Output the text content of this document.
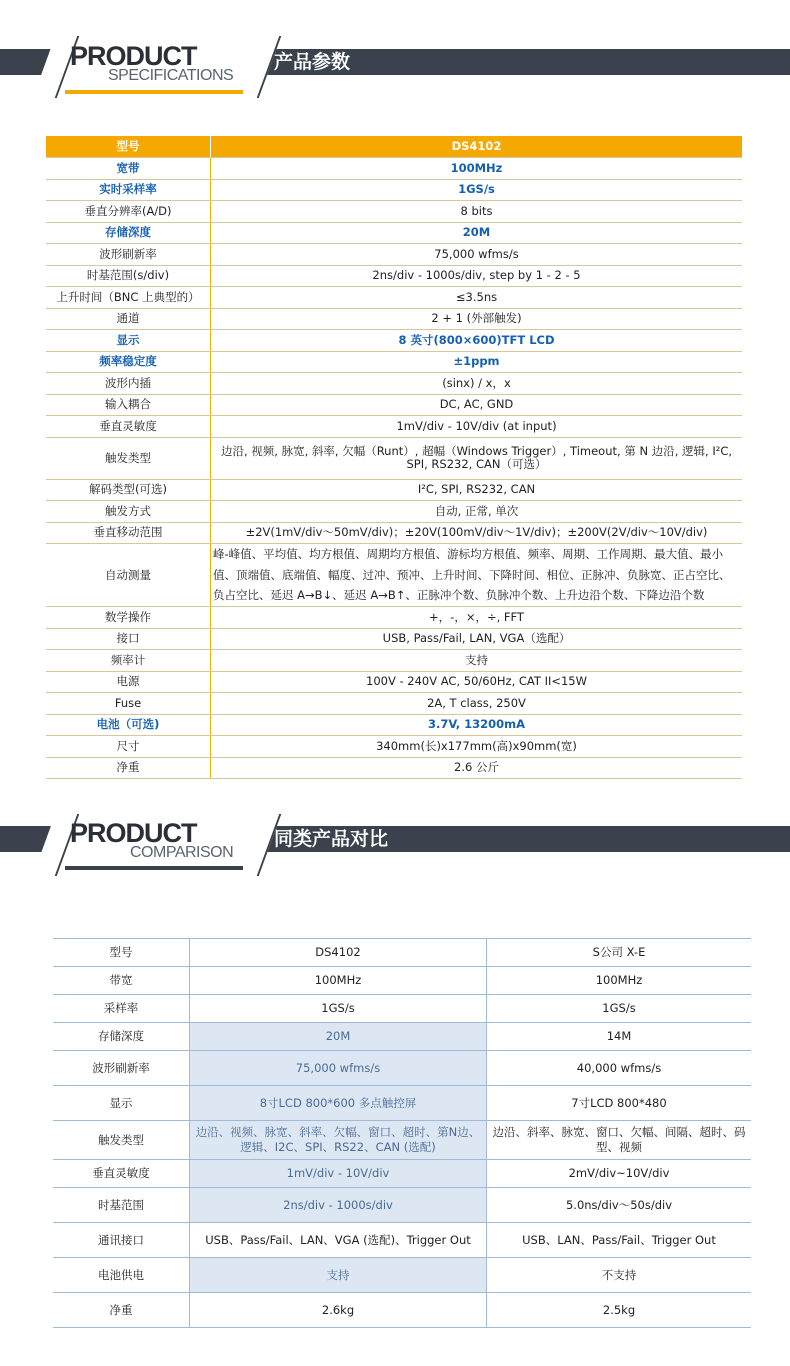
PRODUCT
SPECIFICATIONS
产品参数
型号	DS4102
宽带	100MHz
实时采样率	1GS/s
垂直分辨率(A/D)	8 bits
存储深度	20M
波形刷新率	75,000 wfms/s
时基范围(s/div)	2ns/div - 1000s/div, step by 1 - 2 - 5
上升时间（BNC 上典型的）	≤3.5ns
通道	2 + 1 (外部触发)
显示	8 英寸(800×600)TFT LCD
频率稳定度	±1ppm
波形内插	(sinx) / x，x
输入耦合	DC, AC, GND
垂直灵敏度	1mV/div - 10V/div (at input)
触发类型	边沿, 视频, 脉宽, 斜率, 欠幅（Runt）, 超幅（Windows Trigger）, Timeout, 第 N 边沿, 逻辑, I²C, SPI, RS232, CAN（可选）
解码类型(可选)	I²C, SPI, RS232, CAN
触发方式	自动, 正常, 单次
垂直移动范围	±2V(1mV/div～50mV/div)；±20V(100mV/div～1V/div)；±200V(2V/div～10V/div)
自动测量	峰-峰值、平均值、均方根值、周期均方根值、游标均方根值、频率、周期、工作周期、最大值、最小值、顶端值、底端值、幅度、过冲、预冲、上升时间、下降时间、相位、正脉冲、负脉宽、正占空比、负占空比、延迟 A→B↓、延迟 A→B↑、正脉冲个数、负脉冲个数、上升边沿个数、下降边沿个数
数学操作	+，-，×，÷, FFT
接口	USB, Pass/Fail, LAN, VGA（选配）
频率计	支持
电源	100V - 240V AC, 50/60Hz, CAT II<15W
Fuse	2A, T class, 250V
电池（可选)	3.7V, 13200mA
尺寸	340mm(长)x177mm(高)x90mm(宽)
净重	2.6 公斤
PRODUCT
COMPARISON
同类产品对比
型号	DS4102	S公司 X-E
带宽	100MHz	100MHz
采样率	1GS/s	1GS/s
存储深度	20M	14M
波形刷新率	75,000 wfms/s	40,000 wfms/s
显示	8寸LCD 800*600 多点触控屏	7寸LCD 800*480
触发类型	边沿、视频、脉宽、斜率、欠幅、窗口、超时、第N边、逻辑、I2C、SPI、RS22、CAN (选配)	边沿、斜率、脉宽、窗口、欠幅、间隔、超时、码型、视频
垂直灵敏度	1mV/div - 10V/div	2mV/div~10V/div
时基范围	2ns/div - 1000s/div	5.0ns/div～50s/div
通讯接口	USB、Pass/Fail、LAN、VGA (选配)、Trigger Out	USB、LAN、Pass/Fail、Trigger Out
电池供电	支持	不支持
净重	2.6kg	2.5kg
